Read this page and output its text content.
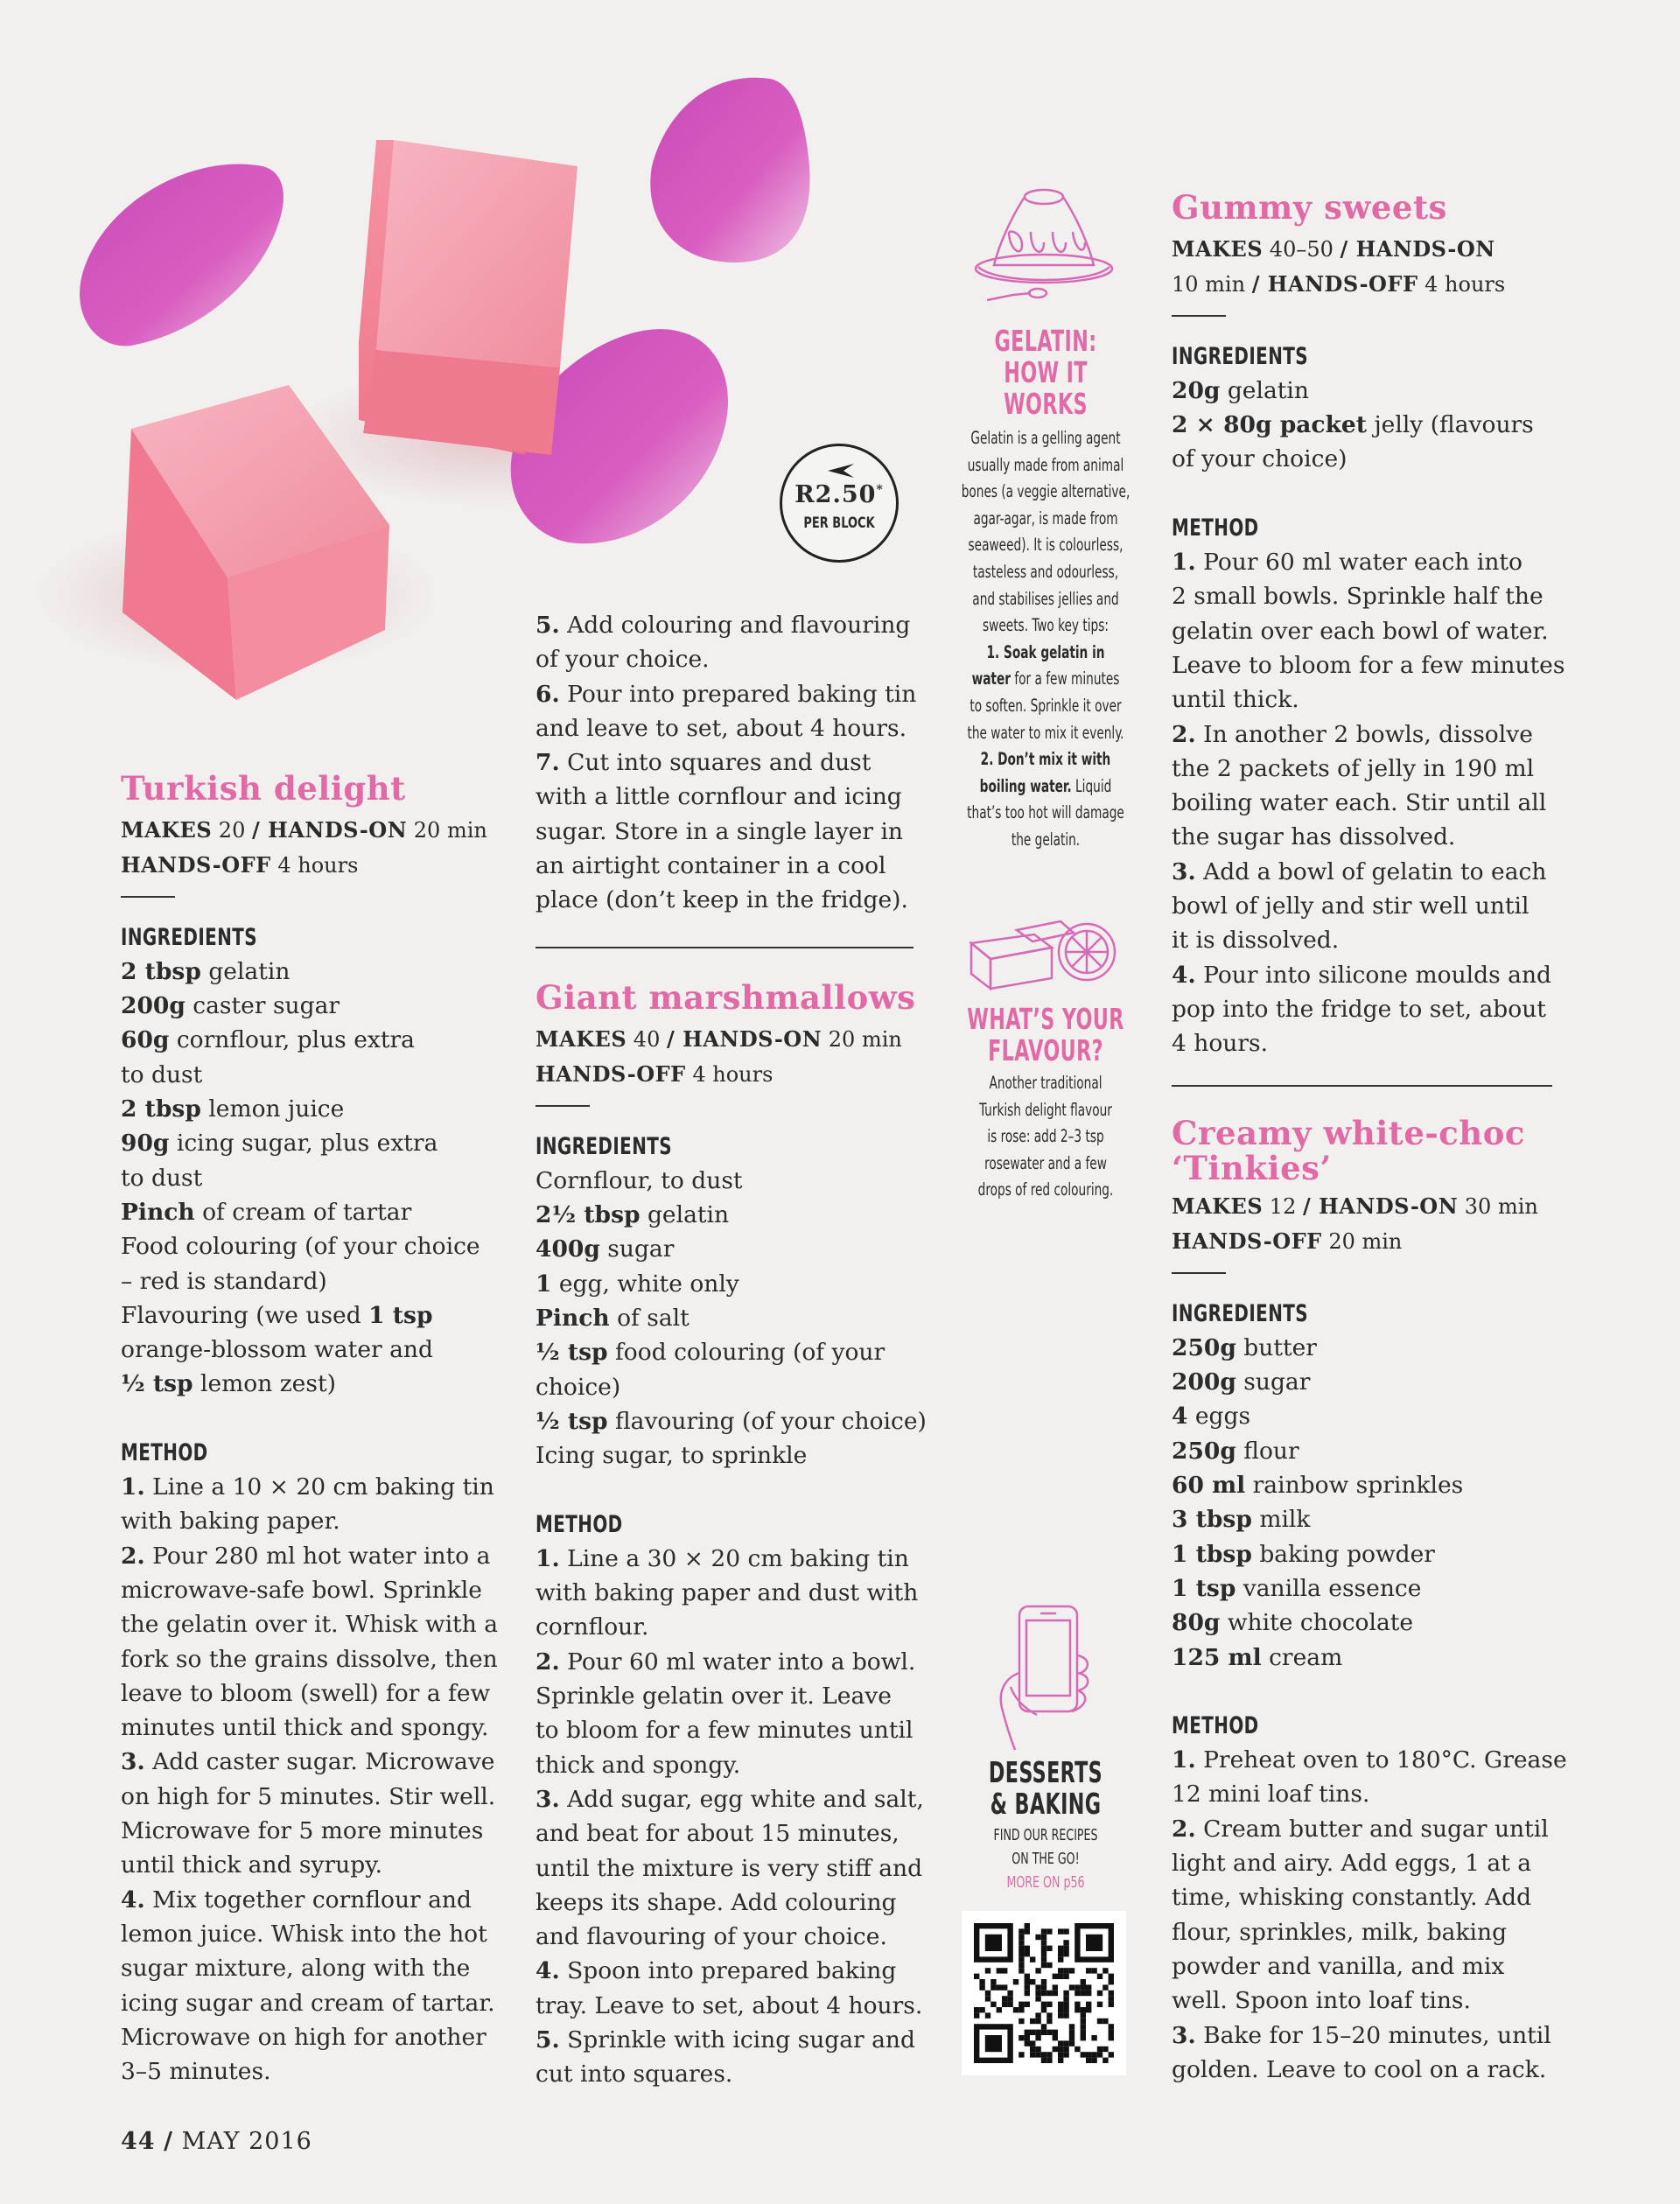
R2.50*
PER BLOCK
Turkish delight
MAKES 20 / HANDS-ON 20 min
HANDS-OFF 4 hours
INGREDIENTS
2 tbsp gelatin
200g caster sugar
60g cornflour, plus extra
to dust
2 tbsp lemon juice
90g icing sugar, plus extra
to dust
Pinch of cream of tartar
Food colouring (of your choice
– red is standard)
Flavouring (we used 1 tsp
orange-blossom water and
½ tsp lemon zest)
METHOD
1. Line a 10 × 20 cm baking tin
with baking paper.
2. Pour 280 ml hot water into a
microwave-safe bowl. Sprinkle
the gelatin over it. Whisk with a
fork so the grains dissolve, then
leave to bloom (swell) for a few
minutes until thick and spongy.
3. Add caster sugar. Microwave
on high for 5 minutes. Stir well.
Microwave for 5 more minutes
until thick and syrupy.
4. Mix together cornflour and
lemon juice. Whisk into the hot
sugar mixture, along with the
icing sugar and cream of tartar.
Microwave on high for another
3–5 minutes.
5. Add colouring and flavouring
of your choice.
6. Pour into prepared baking tin
and leave to set, about 4 hours.
7. Cut into squares and dust
with a little cornflour and icing
sugar. Store in a single layer in
an airtight container in a cool
place (don’t keep in the fridge).
Giant marshmallows
MAKES 40 / HANDS-ON 20 min
HANDS-OFF 4 hours
INGREDIENTS
Cornflour, to dust
2½ tbsp gelatin
400g sugar
1 egg, white only
Pinch of salt
½ tsp food colouring (of your
choice)
½ tsp flavouring (of your choice)
Icing sugar, to sprinkle
METHOD
1. Line a 30 × 20 cm baking tin
with baking paper and dust with
cornflour.
2. Pour 60 ml water into a bowl.
Sprinkle gelatin over it. Leave
to bloom for a few minutes until
thick and spongy.
3. Add sugar, egg white and salt,
and beat for about 15 minutes,
until the mixture is very stiff and
keeps its shape. Add colouring
and flavouring of your choice.
4. Spoon into prepared baking
tray. Leave to set, about 4 hours.
5. Sprinkle with icing sugar and
cut into squares.
GELATIN:
HOW IT WORKS
Gelatin is a gelling agent
usually made from animal
bones (a veggie alternative,
agar-agar, is made from
seaweed). It is colourless,
tasteless and odourless,
and stabilises jellies and
sweets. Two key tips:
1. Soak gelatin in
water for a few minutes
to soften. Sprinkle it over
the water to mix it evenly.
2. Don’t mix it with
boiling water. Liquid
that’s too hot will damage
the gelatin.
WHAT’S YOUR
FLAVOUR?
Another traditional
Turkish delight flavour
is rose: add 2–3 tsp
rosewater and a few
drops of red colouring.
DESSERTS
& BAKING
FIND OUR RECIPES
ON THE GO!
MORE ON p56
Gummy sweets
MAKES 40–50 / HANDS-ON
10 min / HANDS-OFF 4 hours
INGREDIENTS
20g gelatin
2 × 80g packet jelly (flavours
of your choice)
METHOD
1. Pour 60 ml water each into
2 small bowls. Sprinkle half the
gelatin over each bowl of water.
Leave to bloom for a few minutes
until thick.
2. In another 2 bowls, dissolve
the 2 packets of jelly in 190 ml
boiling water each. Stir until all
the sugar has dissolved.
3. Add a bowl of gelatin to each
bowl of jelly and stir well until
it is dissolved.
4. Pour into silicone moulds and
pop into the fridge to set, about
4 hours.
Creamy white-choc
‘Tinkies’
MAKES 12 / HANDS-ON 30 min
HANDS-OFF 20 min
INGREDIENTS
250g butter
200g sugar
4 eggs
250g flour
60 ml rainbow sprinkles
3 tbsp milk
1 tbsp baking powder
1 tsp vanilla essence
80g white chocolate
125 ml cream
METHOD
1. Preheat oven to 180°C. Grease
12 mini loaf tins.
2. Cream butter and sugar until
light and airy. Add eggs, 1 at a
time, whisking constantly. Add
flour, sprinkles, milk, baking
powder and vanilla, and mix
well. Spoon into loaf tins.
3. Bake for 15–20 minutes, until
golden. Leave to cool on a rack.
44 / MAY 2016
